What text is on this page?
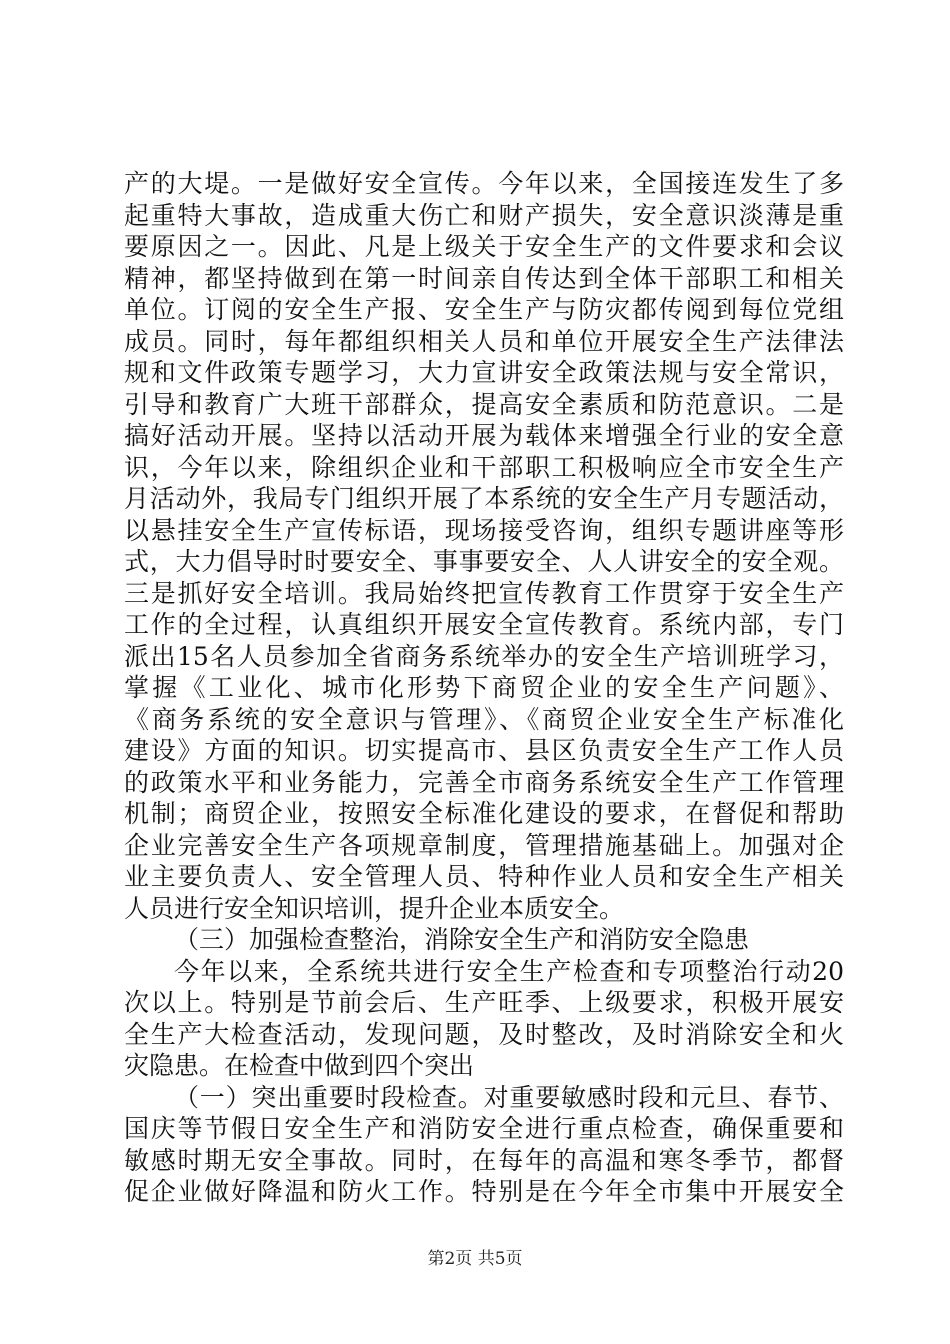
产的大堤。一是做好安全宣传。今年以来，全国接连发生了多
起重特大事故，造成重大伤亡和财产损失，安全意识淡薄是重
要原因之一。因此、凡是上级关于安全生产的文件要求和会议
精神，都坚持做到在第一时间亲自传达到全体干部职工和相关
单位。订阅的安全生产报、安全生产与防灾都传阅到每位党组
成员。同时，每年都组织相关人员和单位开展安全生产法律法
规和文件政策专题学习，大力宣讲安全政策法规与安全常识，
引导和教育广大班干部群众，提高安全素质和防范意识。二是
搞好活动开展。坚持以活动开展为载体来增强全行业的安全意
识，今年以来，除组织企业和干部职工积极响应全市安全生产
月活动外，我局专门组织开展了本系统的安全生产月专题活动，
以悬挂安全生产宣传标语，现场接受咨询，组织专题讲座等形
式，大力倡导时时要安全、事事要安全、人人讲安全的安全观。
三是抓好安全培训。我局始终把宣传教育工作贯穿于安全生产
工作的全过程，认真组织开展安全宣传教育。系统内部，专门
派出15名人员参加全省商务系统举办的安全生产培训班学习，
掌握《工业化、城市化形势下商贸企业的安全生产问题》、
《商务系统的安全意识与管理》、《商贸企业安全生产标准化
建设》方面的知识。切实提高市、县区负责安全生产工作人员
的政策水平和业务能力，完善全市商务系统安全生产工作管理
机制；商贸企业，按照安全标准化建设的要求，在督促和帮助
企业完善安全生产各项规章制度，管理措施基础上。加强对企
业主要负责人、安全管理人员、特种作业人员和安全生产相关
人员进行安全知识培训，提升企业本质安全。
（三）加强检查整治，消除安全生产和消防安全隐患
今年以来，全系统共进行安全生产检查和专项整治行动20
次以上。特别是节前会后、生产旺季、上级要求，积极开展安
全生产大检查活动，发现问题，及时整改，及时消除安全和火
灾隐患。在检查中做到四个突出
（一）突出重要时段检查。对重要敏感时段和元旦、春节、
国庆等节假日安全生产和消防安全进行重点检查，确保重要和
敏感时期无安全事故。同时，在每年的高温和寒冬季节，都督
促企业做好降温和防火工作。特别是在今年全市集中开展安全
第2页 共5页
